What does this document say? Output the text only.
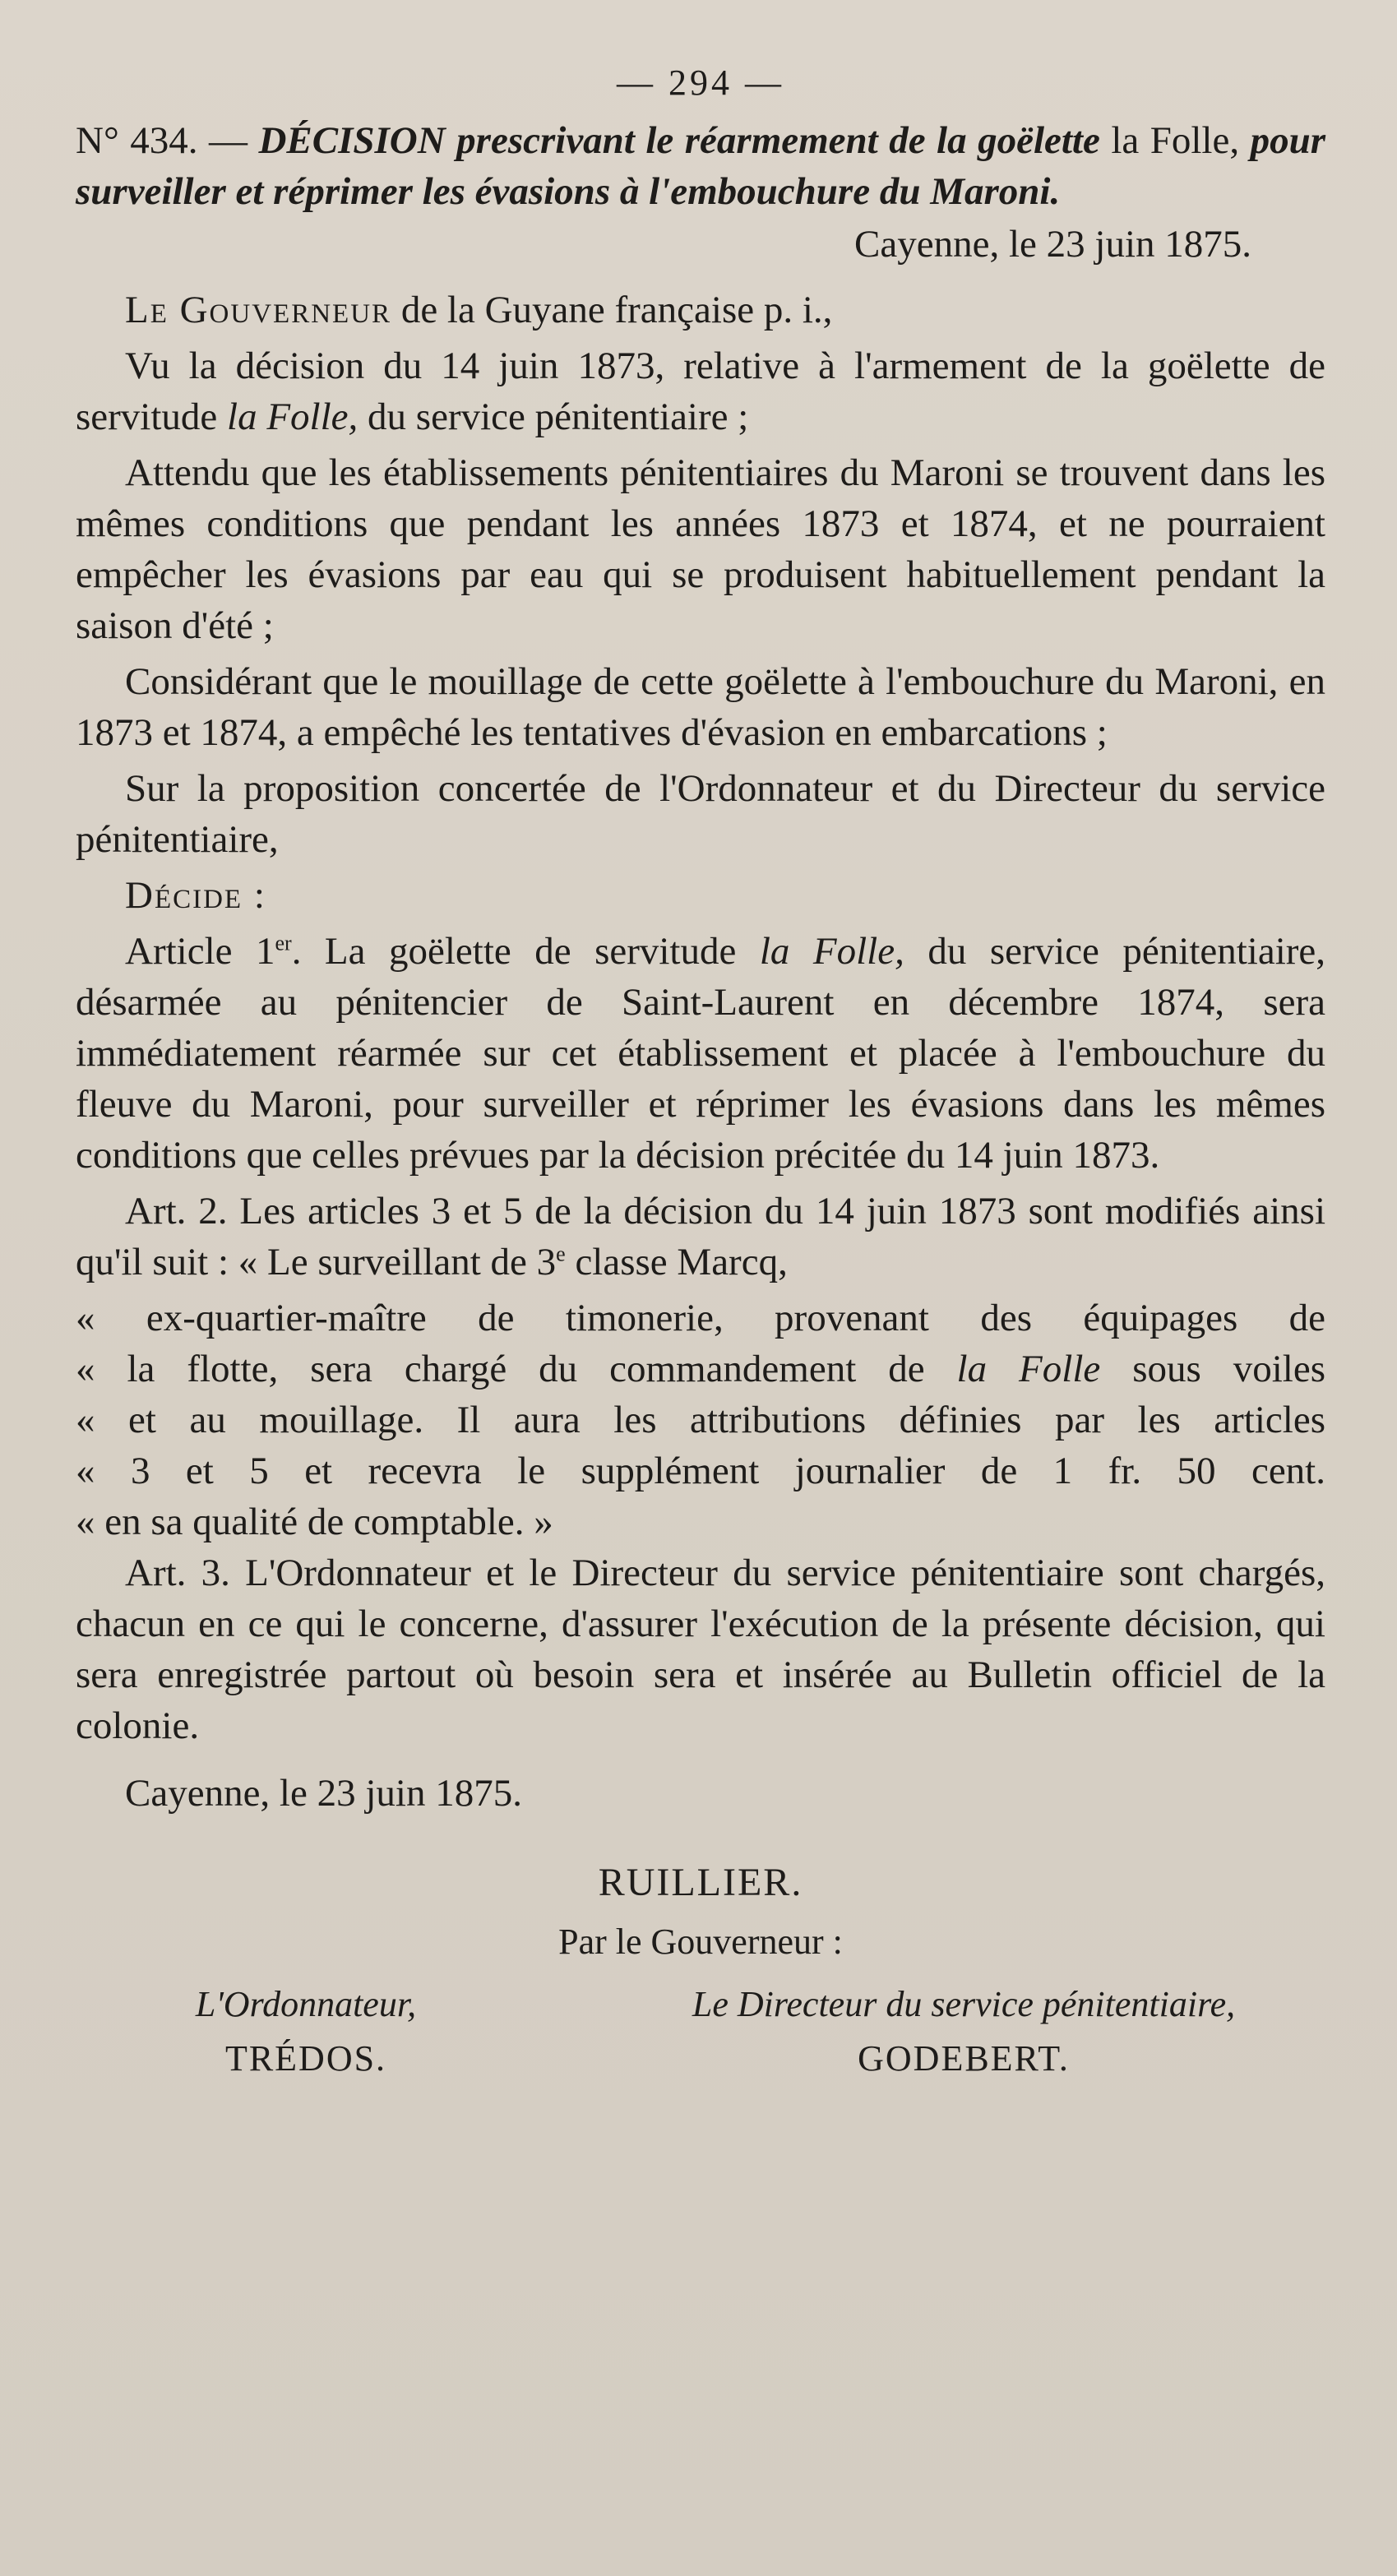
— 294 —
N° 434. — DÉCISION prescrivant le réarmement de la goëlette la Folle, pour surveiller et réprimer les évasions à l'embouchure du Maroni.
Cayenne, le 23 juin 1875.

Le Gouverneur de la Guyane française p. i.,

Vu la décision du 14 juin 1873, relative à l'armement de la goëlette de servitude la Folle, du service pénitentiaire ;

Attendu que les établissements pénitentiaires du Maroni se trouvent dans les mêmes conditions que pendant les années 1873 et 1874, et ne pourraient empêcher les évasions par eau qui se produisent habituellement pendant la saison d'été ;

Considérant que le mouillage de cette goëlette à l'embouchure du Maroni, en 1873 et 1874, a empêché les tentatives d'évasion en embarcations ;

Sur la proposition concertée de l'Ordonnateur et du Directeur du service pénitentiaire,

Décide :

Article 1er. La goëlette de servitude la Folle, du service pénitentiaire, désarmée au pénitencier de Saint-Laurent en décembre 1874, sera immédiatement réarmée sur cet établissement et placée à l'embouchure du fleuve du Maroni, pour surveiller et réprimer les évasions dans les mêmes conditions que celles prévues par la décision précitée du 14 juin 1873.

Art. 2. Les articles 3 et 5 de la décision du 14 juin 1873 sont modifiés ainsi qu'il suit : « Le surveillant de 3e classe Marcq,

« ex-quartier-maître de timonerie, provenant des équipages de
« la flotte, sera chargé du commandement de la Folle sous voiles
« et au mouillage. Il aura les attributions définies par les articles
« 3 et 5 et recevra le supplément journalier de 1 fr. 50 cent.
« en sa qualité de comptable. »

Art. 3. L'Ordonnateur et le Directeur du service pénitentiaire sont chargés, chacun en ce qui le concerne, d'assurer l'exécution de la présente décision, qui sera enregistrée partout où besoin sera et insérée au Bulletin officiel de la colonie.

Cayenne, le 23 juin 1875.

RUILLIER.
Par le Gouverneur :
L'Ordonnateur,
TRÉDOS.
Le Directeur du service pénitentiaire,
GODEBERT.
